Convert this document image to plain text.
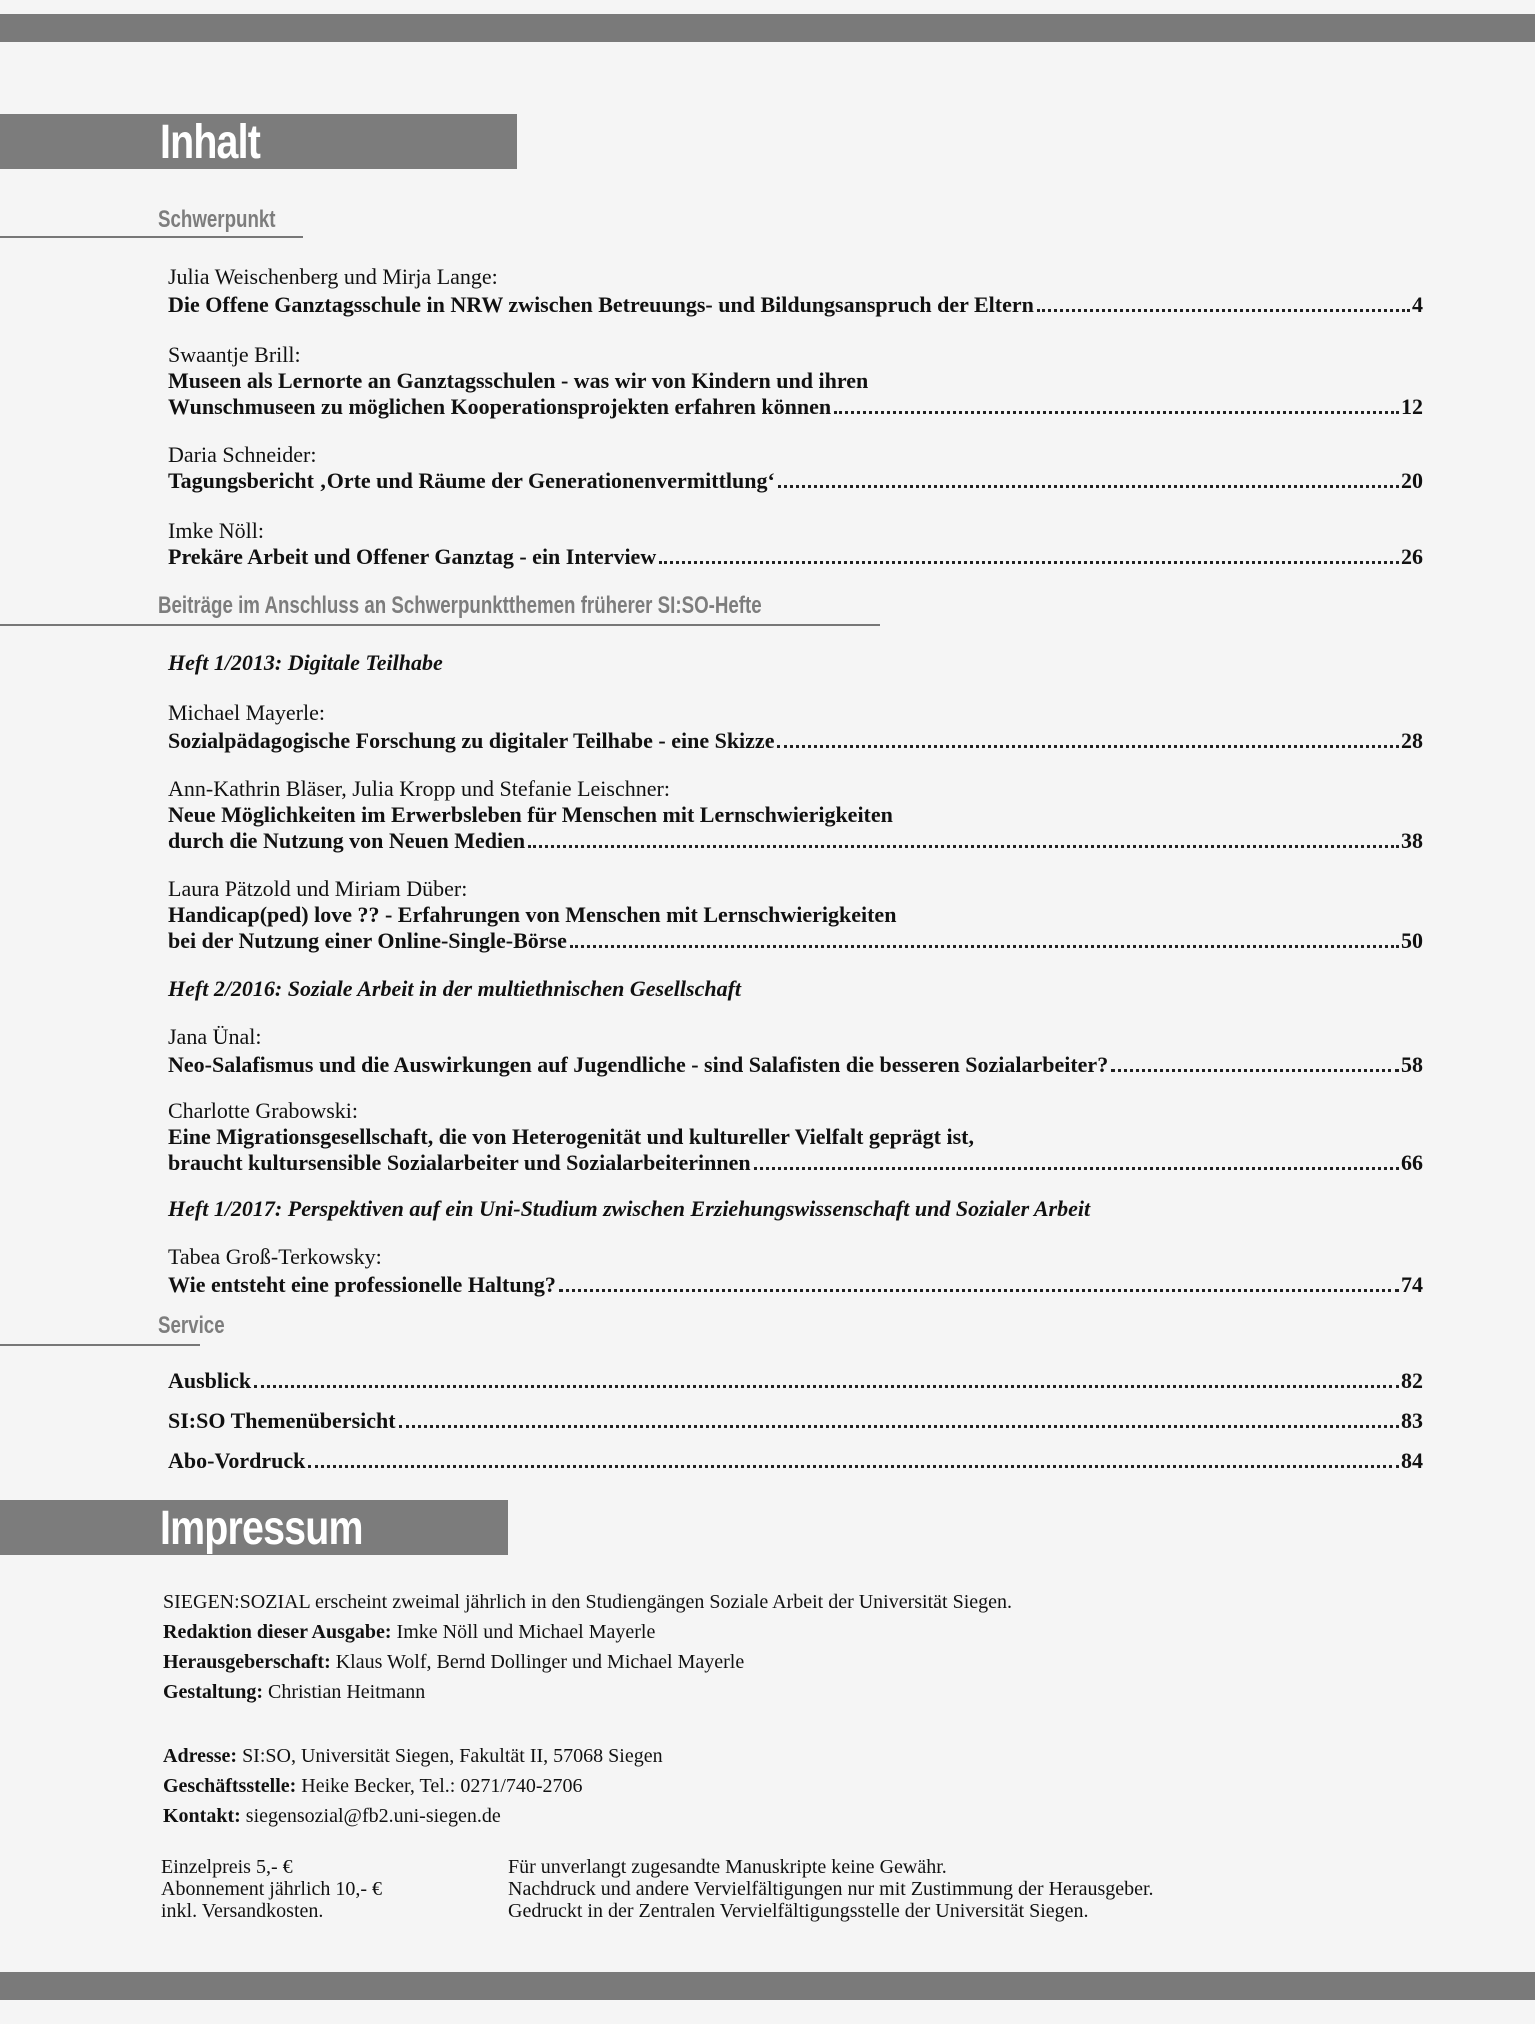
Inhalt
Schwerpunkt
Julia Weischenberg und Mirja Lange:
Die Offene Ganztagsschule in NRW zwischen Betreuungs- und Bildungsanspruch der Eltern	4
Swaantje Brill:
Museen als Lernorte an Ganztagsschulen - was wir von Kindern und ihren
Wunschmuseen zu möglichen Kooperationsprojekten erfahren können	12
Daria Schneider:
Tagungsbericht ‚Orte und Räume der Generationenvermittlung‘	20
Imke Nöll:
Prekäre Arbeit und Offener Ganztag - ein Interview	26
Beiträge im Anschluss an Schwerpunktthemen früherer SI:SO-Hefte
Heft 1/2013: Digitale Teilhabe
Michael Mayerle:
Sozialpädagogische Forschung zu digitaler Teilhabe - eine Skizze	28
Ann-Kathrin Bläser, Julia Kropp und Stefanie Leischner:
Neue Möglichkeiten im Erwerbsleben für Menschen mit Lernschwierigkeiten
durch die Nutzung von Neuen Medien	38
Laura Pätzold und Miriam Düber:
Handicap(ped) love ?? - Erfahrungen von Menschen mit Lernschwierigkeiten
bei der Nutzung einer Online-Single-Börse	50
Heft 2/2016: Soziale Arbeit in der multiethnischen Gesellschaft
Jana Ünal:
Neo-Salafismus und die Auswirkungen auf Jugendliche - sind Salafisten die besseren Sozialarbeiter?	58
Charlotte Grabowski:
Eine Migrationsgesellschaft, die von Heterogenität und kultureller Vielfalt geprägt ist,
braucht kultursensible Sozialarbeiter und Sozialarbeiterinnen	66
Heft 1/2017: Perspektiven auf ein Uni-Studium zwischen Erziehungswissenschaft und Sozialer Arbeit
Tabea Groß-Terkowsky:
Wie entsteht eine professionelle Haltung?	74
Service
Ausblick	82
SI:SO Themenübersicht	83
Abo-Vordruck	84
Impressum
SIEGEN:SOZIAL erscheint zweimal jährlich in den Studiengängen Soziale Arbeit der Universität Siegen.
Redaktion dieser Ausgabe: Imke Nöll und Michael Mayerle
Herausgeberschaft: Klaus Wolf, Bernd Dollinger und Michael Mayerle
Gestaltung: Christian Heitmann
Adresse: SI:SO, Universität Siegen, Fakultät II, 57068 Siegen
Geschäftsstelle: Heike Becker, Tel.: 0271/740-2706
Kontakt: siegensozial@fb2.uni-siegen.de
Einzelpreis 5,- €
Abonnement jährlich 10,- €
inkl. Versandkosten.
Für unverlangt zugesandte Manuskripte keine Gewähr.
Nachdruck und andere Vervielfältigungen nur mit Zustimmung der Herausgeber.
Gedruckt in der Zentralen Vervielfältigungsstelle der Universität Siegen.
